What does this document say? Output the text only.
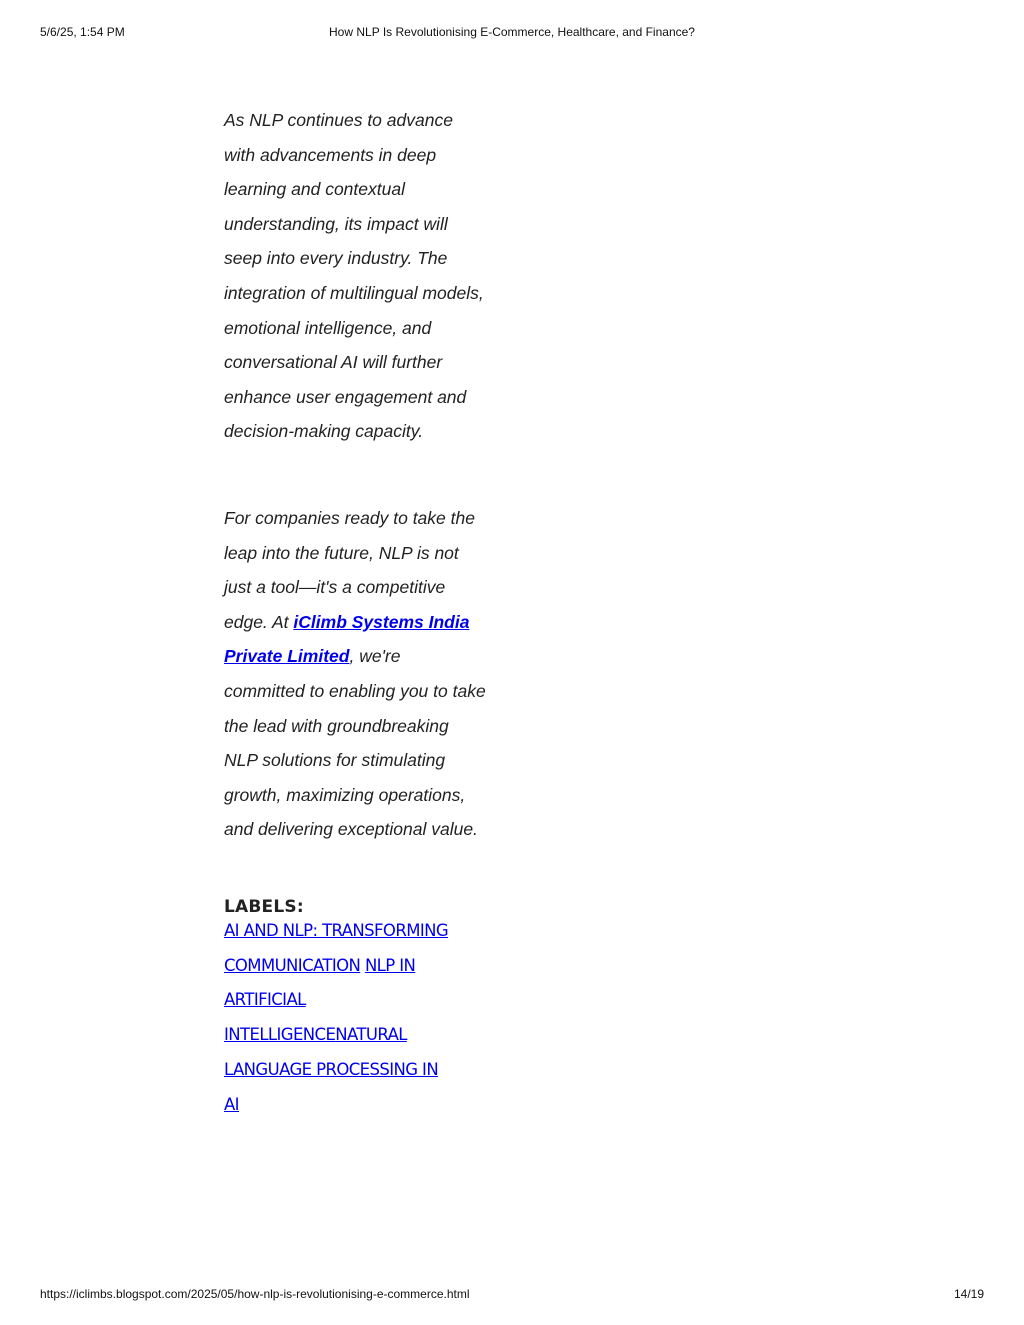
5/6/25, 1:54 PM	How NLP Is Revolutionising E-Commerce, Healthcare, and Finance?

As NLP continues to advance with advancements in deep learning and contextual understanding, its impact will seep into every industry. The integration of multilingual models, emotional intelligence, and conversational AI will further enhance user engagement and decision-making capacity.

For companies ready to take the leap into the future, NLP is not just a tool—it's a competitive edge. At iClimb Systems India Private Limited, we're committed to enabling you to take the lead with groundbreaking NLP solutions for stimulating growth, maximizing operations, and delivering exceptional value.

LABELS:
AI AND NLP: TRANSFORMING COMMUNICATION NLP IN ARTIFICIAL INTELLIGENCENATURAL LANGUAGE PROCESSING IN AI
https://iclimbs.blogspot.com/2025/05/how-nlp-is-revolutionising-e-commerce.html	14/19
